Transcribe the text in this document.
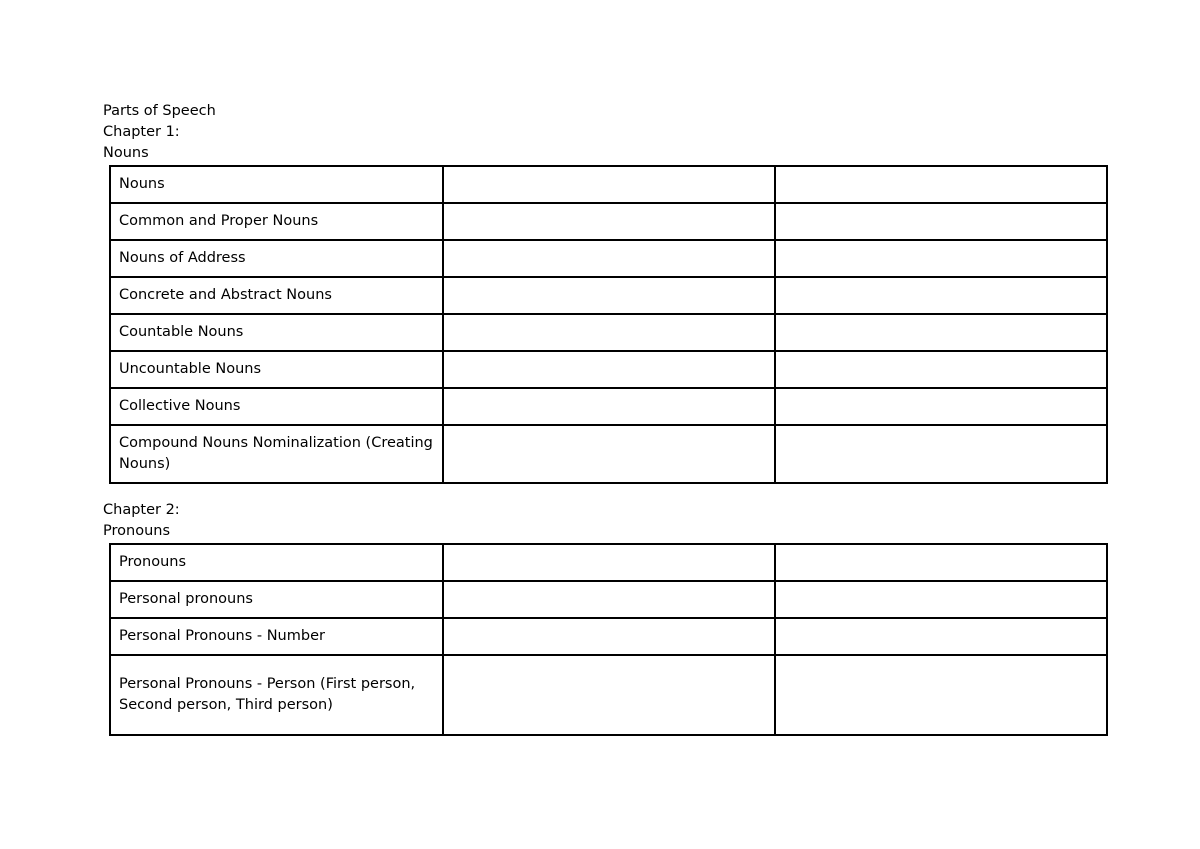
Parts of Speech
Chapter 1:
Nouns
Nouns		
Common and Proper Nouns		
Nouns of Address		
Concrete and Abstract Nouns		
Countable Nouns		
Uncountable Nouns		
Collective Nouns		
Compound Nouns Nominalization (Creating Nouns)		
Chapter 2:
Pronouns
Pronouns		
Personal pronouns		
Personal Pronouns - Number		
Personal Pronouns - Person (First person, Second person, Third person)		
